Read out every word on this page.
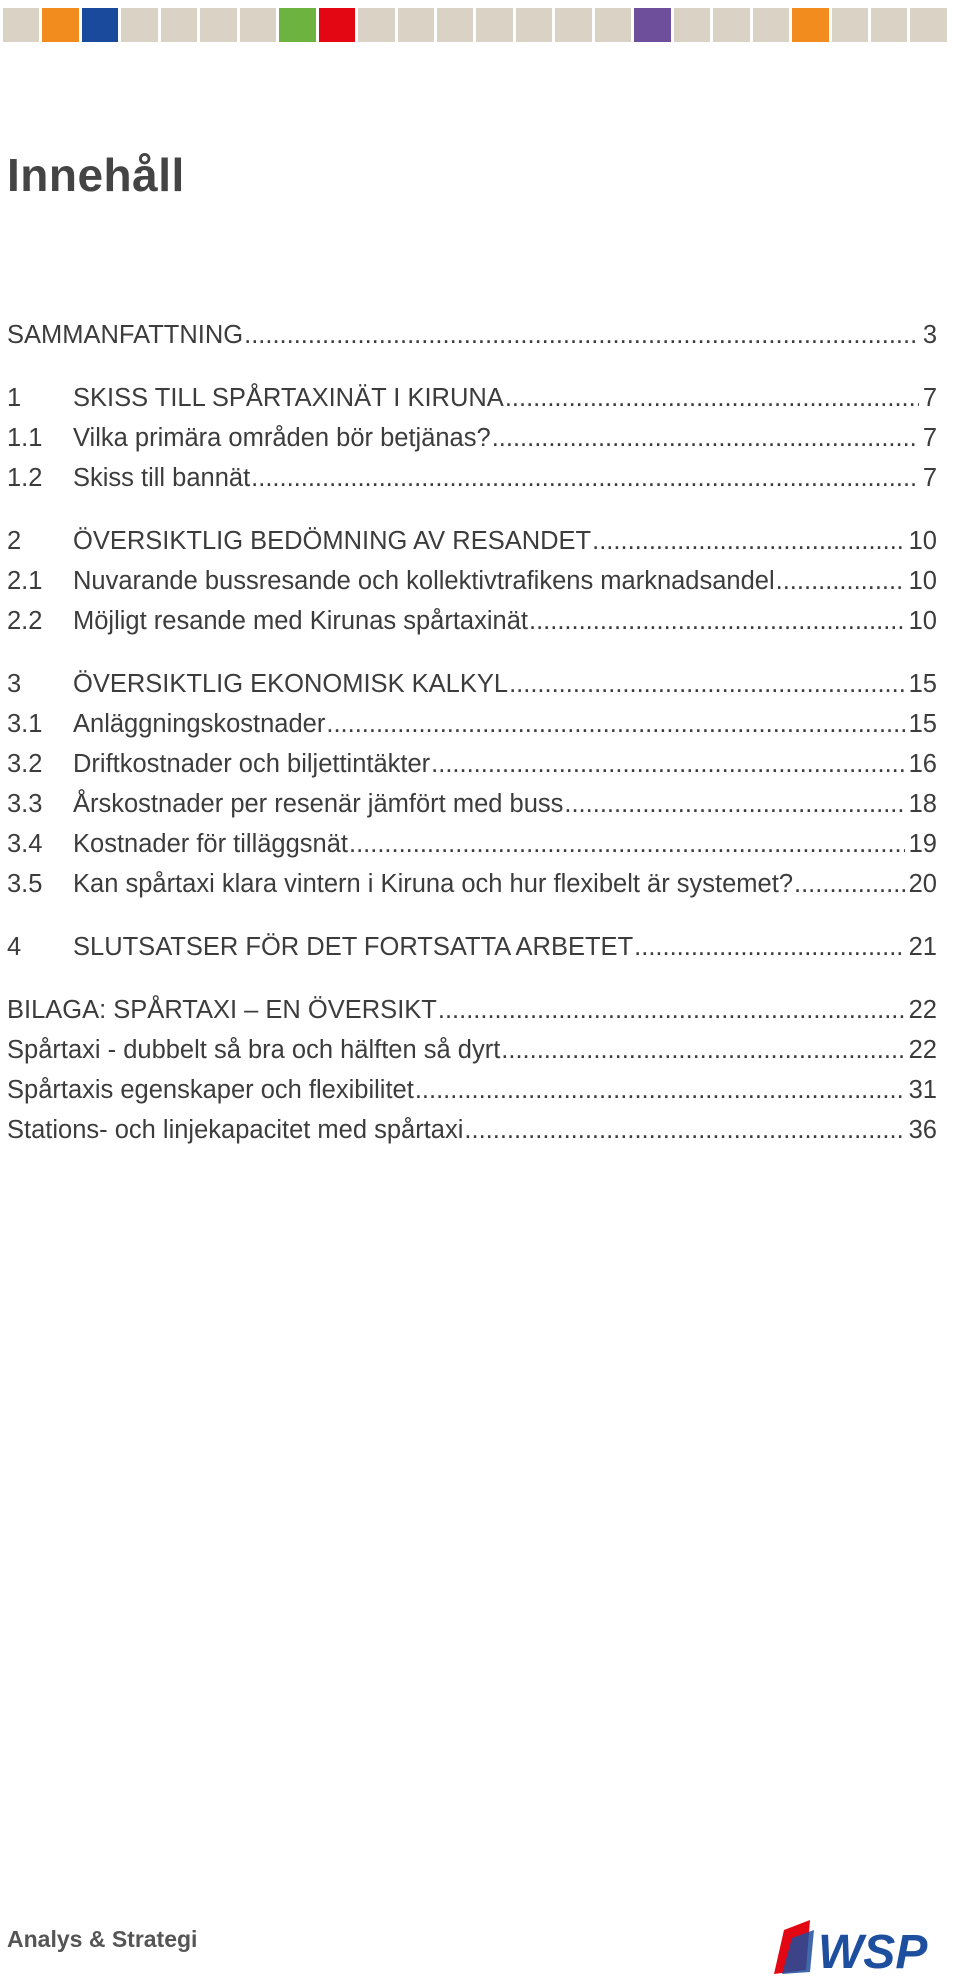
Innehåll
SAMMANFATTNING .....	3
1	SKISS TILL SPÅRTAXINÄT I KIRUNA .....	7
1.1	Vilka primära områden bör betjänas? .....	7
1.2	Skiss till bannät .....	7
2	ÖVERSIKTLIG BEDÖMNING AV RESANDET .....	10
2.1	Nuvarande bussresande och kollektivtrafikens marknadsandel .....	10
2.2	Möjligt resande med Kirunas spårtaxinät .....	10
3	ÖVERSIKTLIG EKONOMISK KALKYL .....	15
3.1	Anläggningskostnader .....	15
3.2	Driftkostnader och biljettintäkter .....	16
3.3	Årskostnader per resenär jämfört med buss .....	18
3.4	Kostnader för tilläggsnät .....	19
3.5	Kan spårtaxi klara vintern i Kiruna och hur flexibelt är systemet? .....	20
4	SLUTSATSER FÖR DET FORTSATTA ARBETET .....	21
BILAGA: SPÅRTAXI – EN ÖVERSIKT .....	22
Spårtaxi - dubbelt så bra och hälften så dyrt .....	22
Spårtaxis egenskaper och flexibilitet .....	31
Stations- och linjekapacitet med spårtaxi .....	36
Analys & Strategi	WSP
